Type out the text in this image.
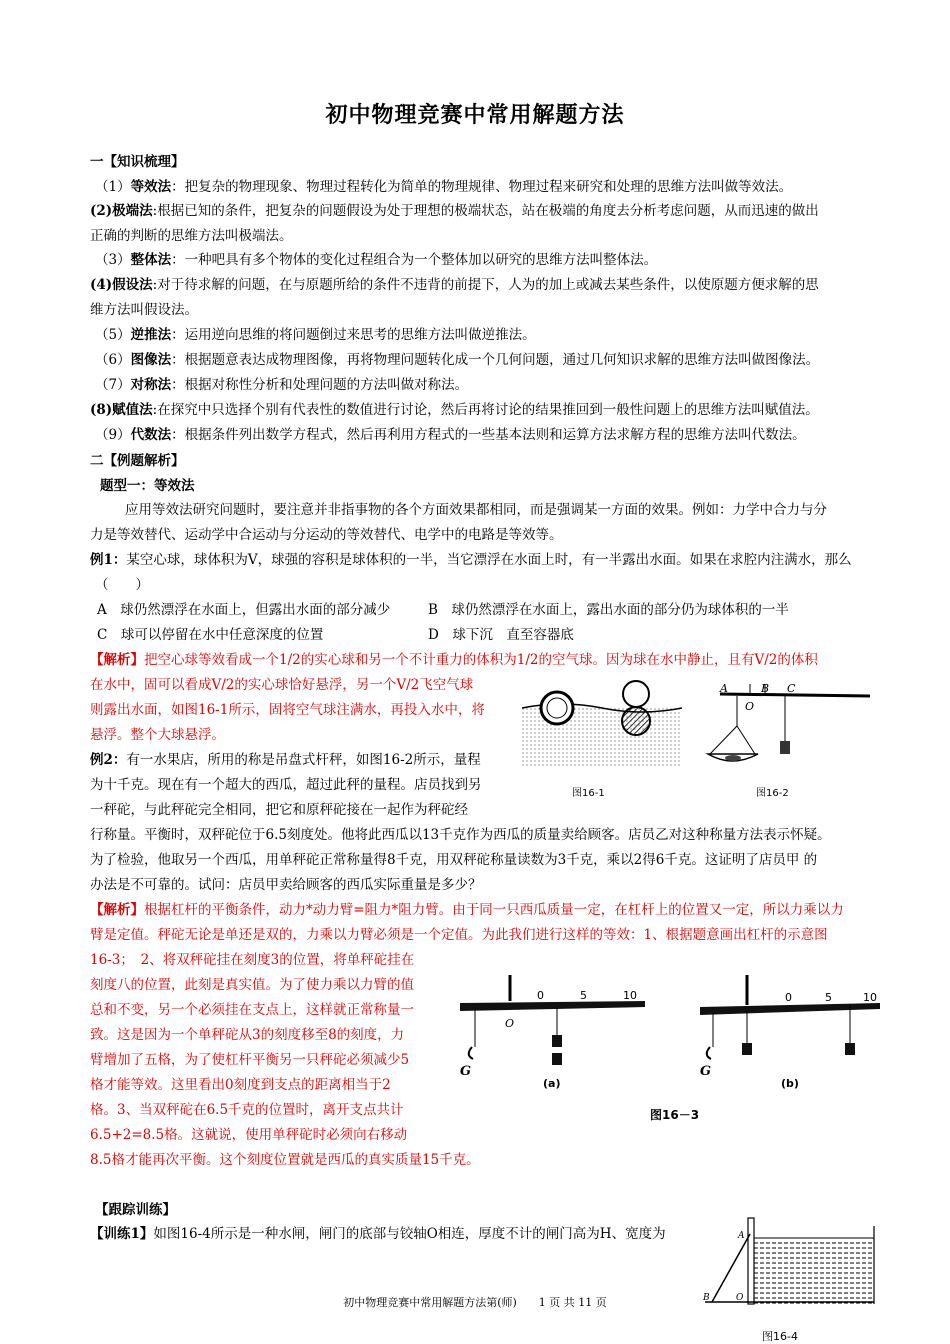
初中物理竞赛中常用解题方法
一【知识梳理】
（1）等效法：把复杂的物理现象、物理过程转化为简单的物理规律、物理过程来研究和处理的思维方法叫做等效法。
(2)极端法:根据已知的条件，把复杂的问题假设为处于理想的极端状态，站在极端的角度去分析考虑问题，从而迅速的做出
正确的判断的思维方法叫极端法。
（3）整体法：一种吧具有多个物体的变化过程组合为一个整体加以研究的思维方法叫整体法。
(4)假设法:对于待求解的问题，在与原题所给的条件不违背的前提下，人为的加上或减去某些条件，以使原题方便求解的思
维方法叫假设法。
（5）逆推法：运用逆向思维的将问题倒过来思考的思维方法叫做逆推法。
（6）图像法：根据题意表达成物理图像，再将物理问题转化成一个几何问题，通过几何知识求解的思维方法叫做图像法。
（7）对称法：根据对称性分析和处理问题的方法叫做对称法。
(8)赋值法:在探究中只选择个别有代表性的数值进行讨论，然后再将讨论的结果推回到一般性问题上的思维方法叫赋值法。
（9）代数法：根据条件列出数学方程式，然后再利用方程式的一些基本法则和运算方法求解方程的思维方法叫代数法。
二【例题解析】
题型一：等效法
应用等效法研究问题时，要注意并非指事物的各个方面效果都相同，而是强调某一方面的效果。例如：力学中合力与分
力是等效替代、运动学中合运动与分运动的等效替代、电学中的电路是等效等。
例1：某空心球，球体积为V，球强的容积是球体积的一半，当它漂浮在水面上时，有一半露出水面。如果在求腔内注满水，那么
（　　）
A　球仍然漂浮在水面上，但露出水面的部分减少	B　球仍然漂浮在水面上，露出水面的部分仍为球体积的一半
C　球可以停留在水中任意深度的位置	D　球下沉　直至容器底
【解析】把空心球等效看成一个1/2的实心球和另一个不计重力的体积为1/2的空气球。因为球在水中静止，且有V/2的体积
在水中，固可以看成V/2的实心球恰好悬浮，另一个V/2飞空气球
则露出水面，如图16-1所示，固将空气球注满水，再投入水中，将
悬浮。整个大球悬浮。
例2：有一水果店，所用的称是吊盘式杆秤，如图16-2所示，量程
为十千克。现在有一个超大的西瓜，超过此秤的量程。店员找到另
一秤砣，与此秤砣完全相同，把它和原秤砣接在一起作为秤砣经
行称量。平衡时，双秤砣位于6.5刻度处。他将此西瓜以13千克作为西瓜的质量卖给顾客。店员乙对这种称量方法表示怀疑。
为了检验，他取另一个西瓜，用单秤砣正常称量得8千克，用双秤砣称量读数为3千克，乘以2得6千克。这证明了店员甲 的
办法是不可靠的。试问：店员甲卖给顾客的西瓜实际重量是多少？
【解析】根据杠杆的平衡条件，动力*动力臂=阻力*阻力臂。由于同一只西瓜质量一定，在杠杆上的位置又一定，所以力乘以力
臂是定值。秤砣无论是单还是双的，力乘以力臂必须是一个定值。为此我们进行这样的等效：1、根据题意画出杠杆的示意图
16-3；　2、将双秤砣挂在刻度3的位置，将单秤砣挂在
刻度八的位置，此刻是真实值。为了使力乘以力臂的值
总和不变，另一个必须挂在支点上，这样就正常称量一
致。这是因为一个单秤砣从3的刻度移至8的刻度，力
臂增加了五格，为了使杠杆平衡另一只秤砣必须减少5
格才能等效。这里看出0刻度到支点的距离相当于2
格。3、当双秤砣在6.5千克的位置时，离开支点共计
6.5+2=8.5格。这就说，使用单秤砣时必须向右移动
8.5格才能再次平衡。这个刻度位置就是西瓜的真实质量15千克。
【跟踪训练】
【训练1】如图16-4所示是一种水闸，闸门的底部与铰轴O相连，厚度不计的闸门高为H、宽度为
图16-1
A	B C
O
图16-2
G
O
0	5	10
(a)
G
0	5	10
(b)
图16－3
B	O
A
图16-4
初中物理竞赛中常用解题方法第(师)　　1 页 共 11 页
